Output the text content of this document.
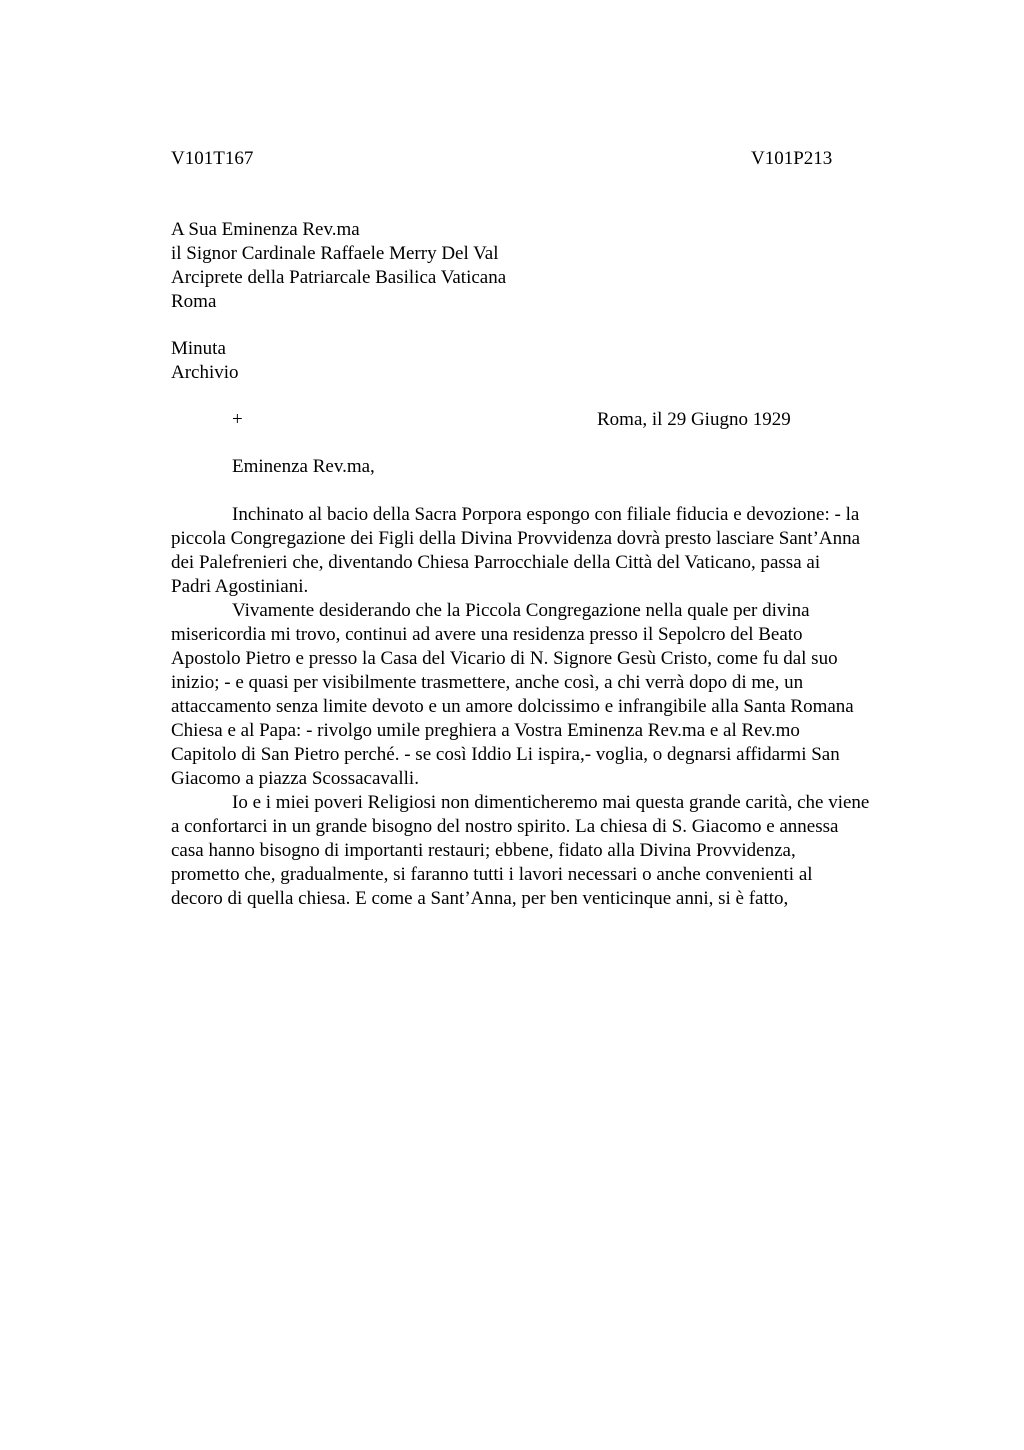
V101T167	V101P213
A Sua Eminenza Rev.ma
il Signor Cardinale Raffaele Merry Del Val
Arciprete della Patriarcale Basilica Vaticana
Roma
Minuta
Archivio
+	Roma, il 29 Giugno 1929
Eminenza Rev.ma,
Inchinato al bacio della Sacra Porpora espongo con filiale fiducia e devozione: - la
piccola Congregazione dei Figli della Divina Provvidenza dovrà presto lasciare Sant’Anna
dei Palefrenieri che, diventando Chiesa Parrocchiale della Città del Vaticano, passa ai
Padri Agostiniani.
Vivamente desiderando che la Piccola Congregazione nella quale per divina
misericordia mi trovo, continui ad avere una residenza presso il Sepolcro del Beato
Apostolo Pietro e presso la Casa del Vicario di N. Signore Gesù Cristo, come fu dal suo
inizio; - e quasi per visibilmente trasmettere, anche così, a chi verrà dopo di me, un
attaccamento senza limite devoto e un amore dolcissimo e infrangibile alla Santa Romana
Chiesa e al Papa: - rivolgo umile preghiera a Vostra Eminenza Rev.ma e al Rev.mo
Capitolo di San Pietro perché. - se così Iddio Li ispira,- voglia, o degnarsi affidarmi San
Giacomo a piazza Scossacavalli.
Io e i miei poveri Religiosi non dimenticheremo mai questa grande carità, che viene
a confortarci in un grande bisogno del nostro spirito. La chiesa di S. Giacomo e annessa
casa hanno bisogno di importanti restauri; ebbene, fidato alla Divina Provvidenza,
prometto che, gradualmente, si faranno tutti i lavori necessari o anche convenienti al
decoro di quella chiesa. E come a Sant’Anna, per ben venticinque anni, si è fatto,
